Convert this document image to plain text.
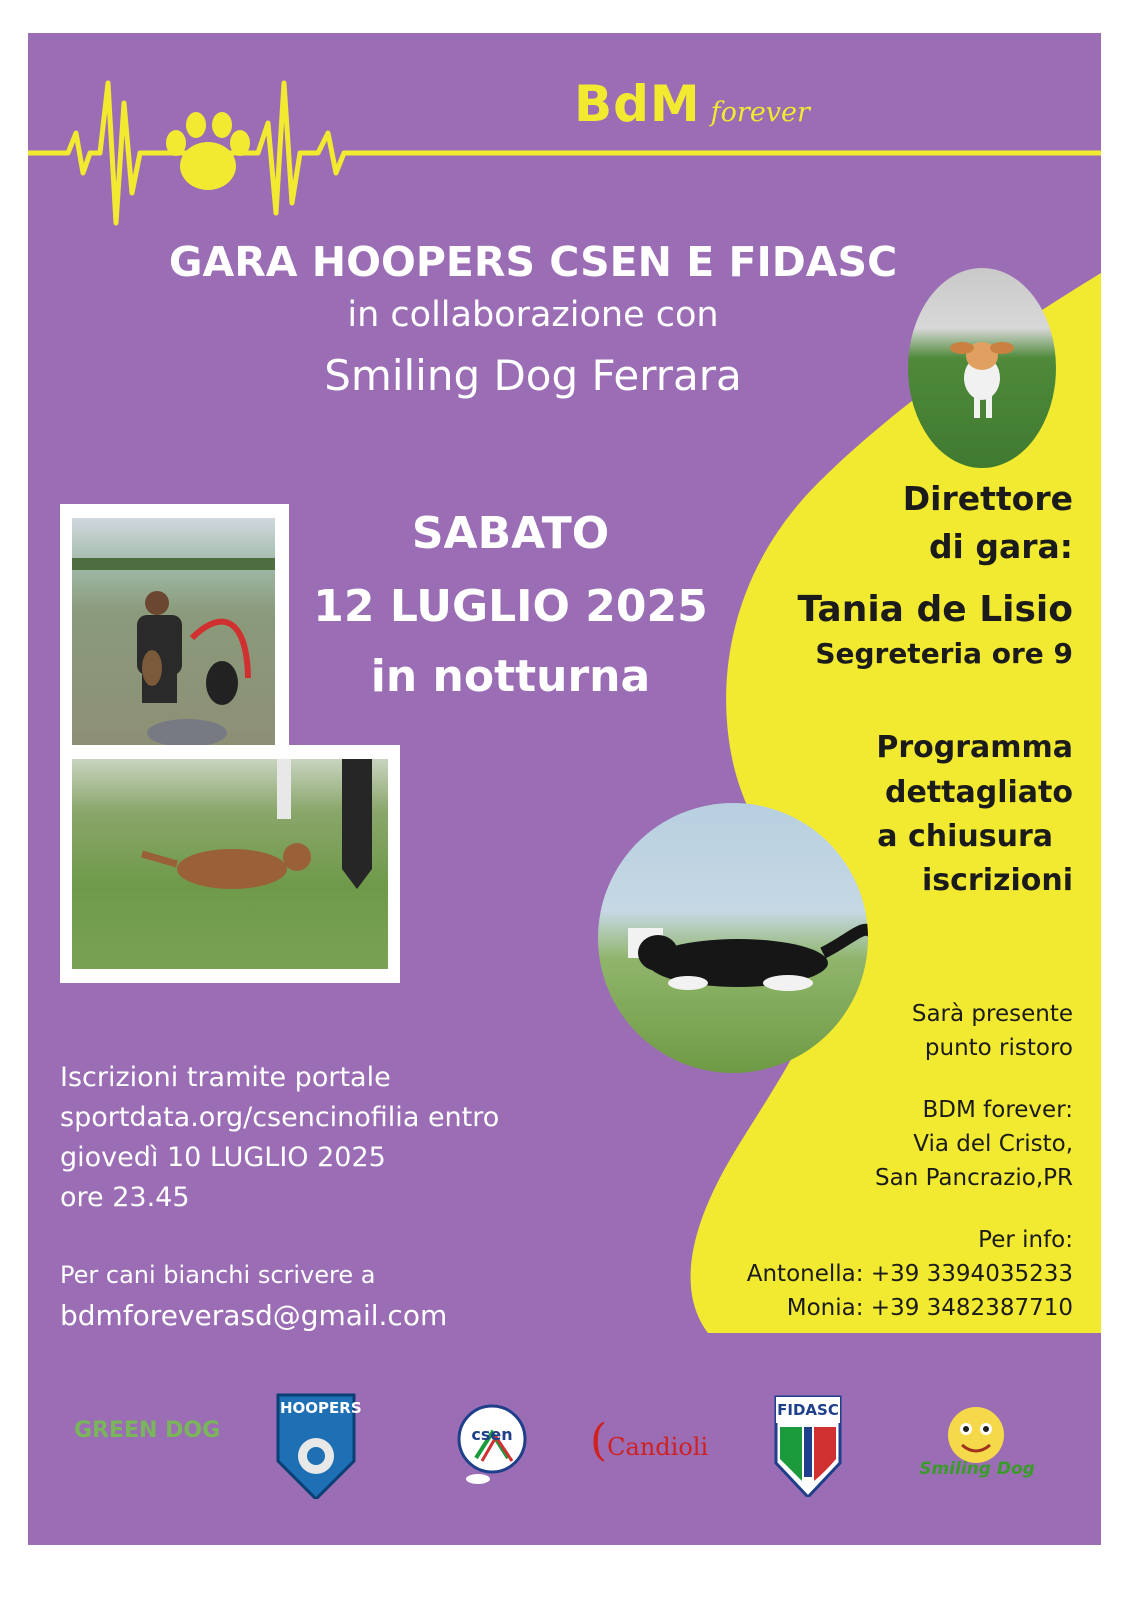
BdM forever
GARA HOOPERS CSEN E FIDASC
in collaborazione con
Smiling Dog Ferrara
SABATO
12 LUGLIO 2025
in notturna
Direttore
di gara:
Tania de Lisio
Segreteria ore 9
Programma
dettagliato
a chiusura
iscrizioni
Sarà presente
punto ristoro
BDM forever:
Via del Cristo,
San Pancrazio,PR
Per info:
Antonella: +39 3394035233
Monia: +39 3482387710
Iscrizioni tramite portale
sportdata.org/csencinofilia entro
giovedì 10 LUGLIO 2025
ore 23.45
Per cani bianchi scrivere a
bdmforeverasd@gmail.com
GREEN DOG
HOOPERS
csen	(Candioli
FIDASC
Smiling Dog
